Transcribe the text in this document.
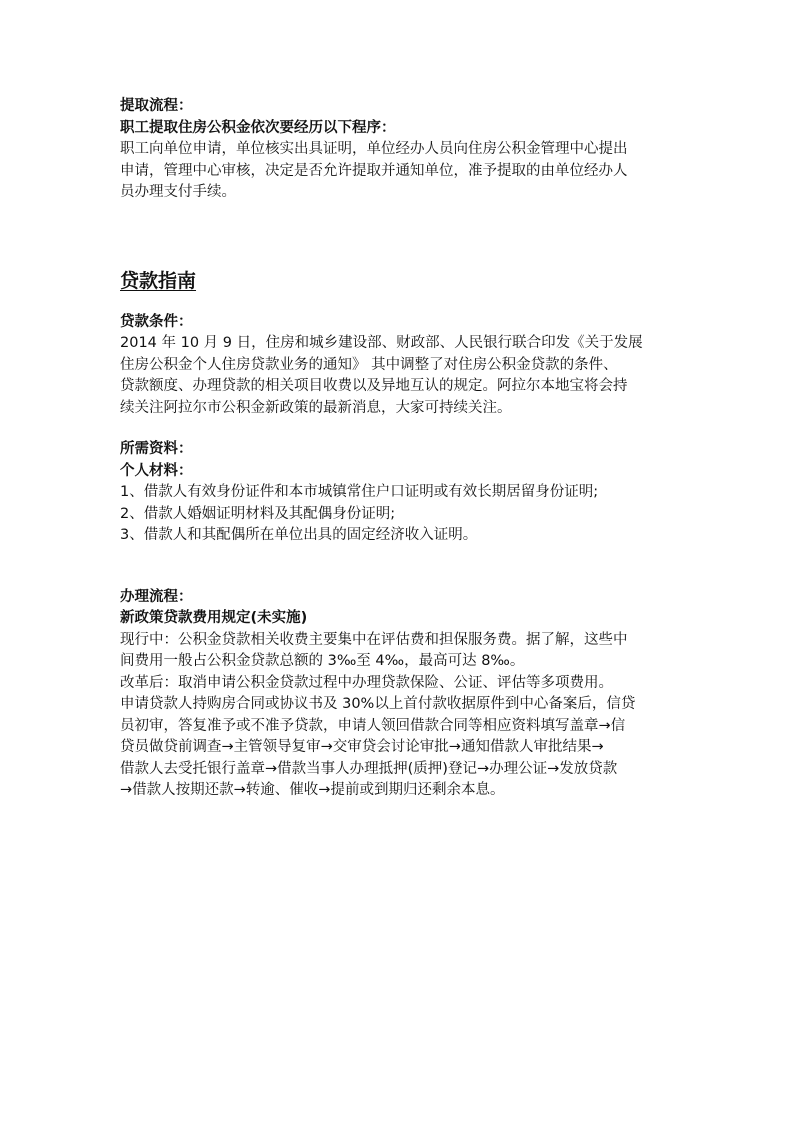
提取流程：
职工提取住房公积金依次要经历以下程序：
职工向单位申请，单位核实出具证明，单位经办人员向住房公积金管理中心提出
申请，管理中心审核，决定是否允许提取并通知单位，准予提取的由单位经办人
员办理支付手续。
贷款指南
贷款条件：
2014 年 10 月 9 日，住房和城乡建设部、财政部、人民银行联合印发《关于发展
住房公积金个人住房贷款业务的通知》 其中调整了对住房公积金贷款的条件、
贷款额度、办理贷款的相关项目收费以及异地互认的规定。阿拉尔本地宝将会持
续关注阿拉尔市公积金新政策的最新消息，大家可持续关注。
所需资料：
个人材料：
1、借款人有效身份证件和本市城镇常住户口证明或有效长期居留身份证明;
2、借款人婚姻证明材料及其配偶身份证明;
3、借款人和其配偶所在单位出具的固定经济收入证明。
办理流程：
新政策贷款费用规定(未实施)
现行中：公积金贷款相关收费主要集中在评估费和担保服务费。据了解，这些中
间费用一般占公积金贷款总额的 3‰至 4‰，最高可达 8‰。
改革后：取消申请公积金贷款过程中办理贷款保险、公证、评估等多项费用。
申请贷款人持购房合同或协议书及 30%以上首付款收据原件到中心备案后，信贷
员初审，答复准予或不准予贷款，申请人领回借款合同等相应资料填写盖章→信
贷员做贷前调查→主管领导复审→交审贷会讨论审批→通知借款人审批结果→
借款人去受托银行盖章→借款当事人办理抵押(质押)登记→办理公证→发放贷款
→借款人按期还款→转逾、催收→提前或到期归还剩余本息。
